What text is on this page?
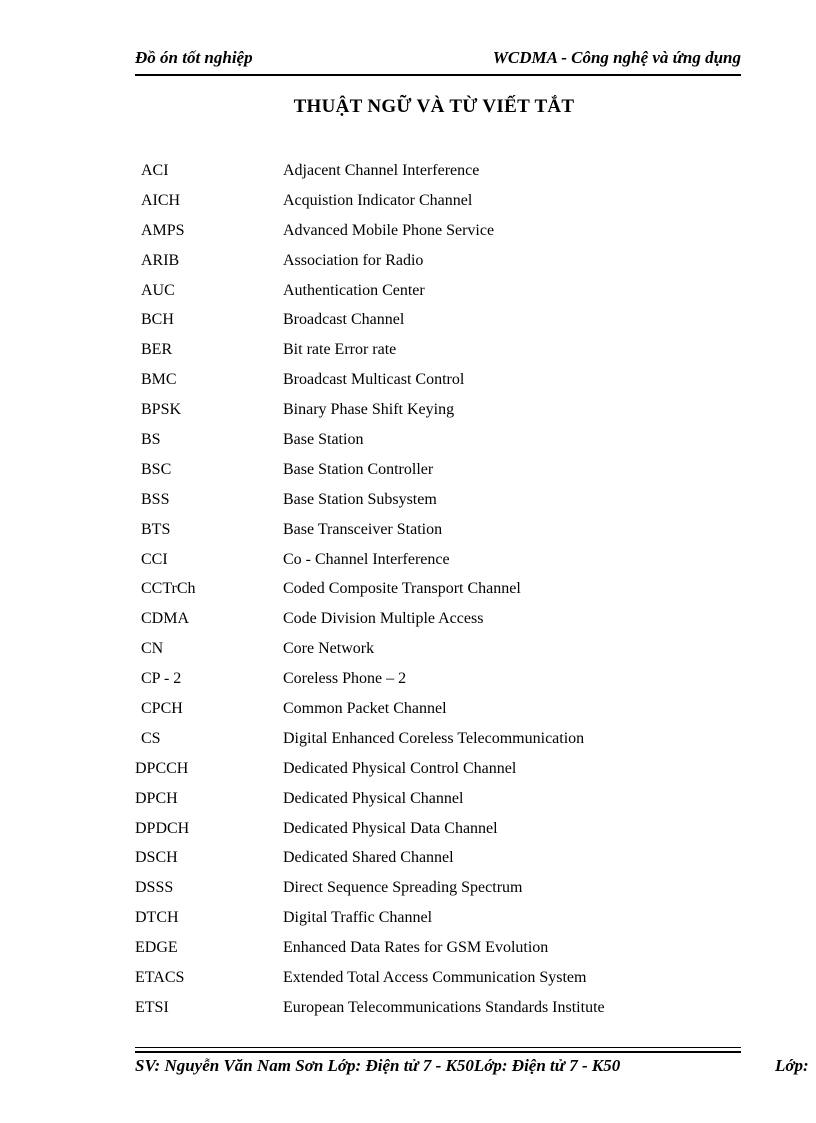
Đồ ón tốt nghiệp	WCDMA - Công nghệ và ứng dụng
THUẬT NGỮ VÀ TỪ VIẾT TẮT
ACI	Adjacent Channel Interference
AICH	Acquistion Indicator Channel
AMPS	Advanced Mobile Phone Service
ARIB	Association for Radio
AUC	Authentication Center
BCH	Broadcast Channel
BER	Bit rate Error rate
BMC	Broadcast Multicast Control
BPSK	Binary Phase Shift Keying
BS	Base Station
BSC	Base Station Controller
BSS	Base Station Subsystem
BTS	Base Transceiver Station
CCI	Co - Channel Interference
CCTrCh	Coded Composite Transport Channel
CDMA	Code Division Multiple Access
CN	Core Network
CP - 2	Coreless Phone – 2
CPCH	Common Packet Channel
CS	Digital Enhanced Coreless Telecommunication
DPCCH	Dedicated Physical Control Channel
DPCH	Dedicated Physical Channel
DPDCH	Dedicated Physical Data Channel
DSCH	Dedicated Shared Channel
DSSS	Direct Sequence Spreading Spectrum
DTCH	Digital Traffic Channel
EDGE	Enhanced Data Rates for GSM Evolution
ETACS	Extended Total Access Communication System
ETSI	European Telecommunications Standards Institute
SV: Nguyễn Văn Nam Sơn Lớp: Điện tử 7 - K50Lớp: Điện tử 7 - K50	Lớp:
